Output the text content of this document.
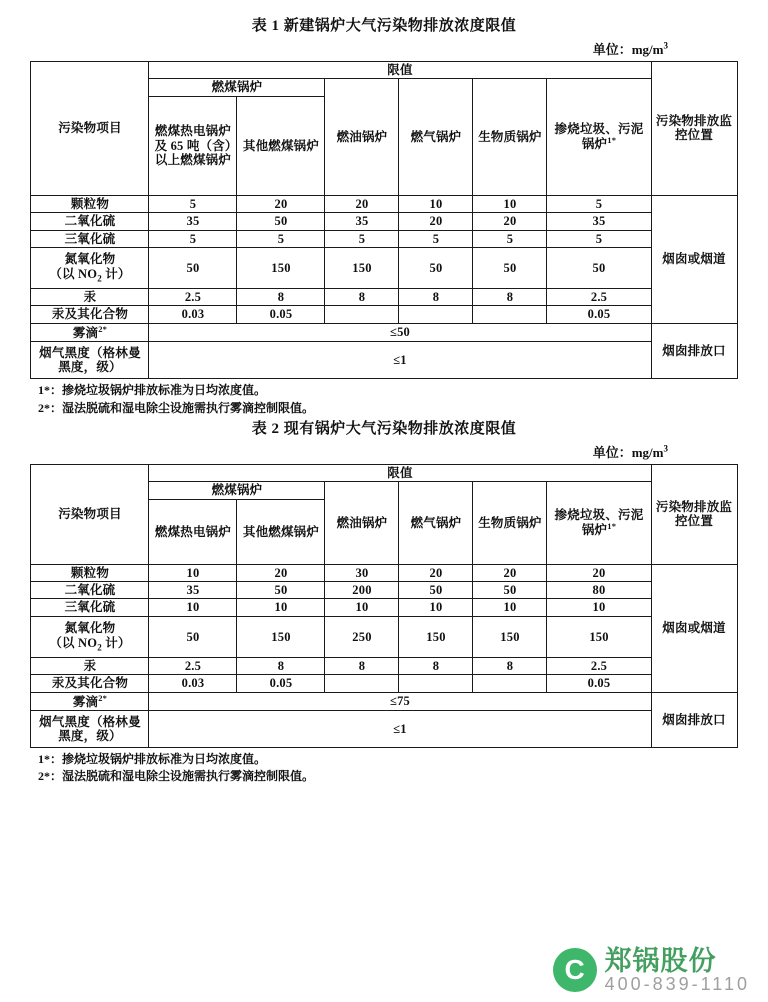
表 1 新建锅炉大气污染物排放浓度限值
单位：$mg/m^3$
污染物项目	限值						污染物排放监控位置
	燃煤锅炉		燃油锅炉	燃气锅炉	生物质锅炉	掺烧垃圾、污泥锅炉$^{1*}$
	燃煤热电锅炉及 65 吨（含）以上燃煤锅炉	其他燃煤锅炉					
颗粒物	5	20	20	10	10	5	烟囱或烟道
二氧化硫	35	50	35	20	20	35	
三氧化硫	5	5	5	5	5	5	
氮氧化物
（以 $NO_2$ 计）	50	150	150	50	50	50	
汞	2.5	8	8	8	8	2.5	
汞及其化合物	0.03	0.05				0.05	
雾滴$^{2*}$	≤50						烟囱排放口
烟气黑度（格林曼黑度，级）	≤1						
1*：掺烧垃圾锅炉排放标准为日均浓度值。
2*：湿法脱硫和湿电除尘设施需执行雾滴控制限值。
表 2 现有锅炉大气污染物排放浓度限值
单位：$mg/m^3$
污染物项目	限值						污染物排放监控位置
	燃煤锅炉		燃油锅炉	燃气锅炉	生物质锅炉	掺烧垃圾、污泥锅炉$^{1*}$
	燃煤热电锅炉	其他燃煤锅炉					
颗粒物	10	20	30	20	20	20	烟囱或烟道
二氧化硫	35	50	200	50	50	80	
三氧化硫	10	10	10	10	10	10	
氮氧化物
（以 $NO_2$ 计）	50	150	250	150	150	150	
汞	2.5	8	8	8	8	2.5	
汞及其化合物	0.03	0.05				0.05	
雾滴$^{2*}$	≤75						烟囱排放口
烟气黑度（格林曼黑度，级）	≤1						
1*：掺烧垃圾锅炉排放标准为日均浓度值。
2*：湿法脱硫和湿电除尘设施需执行雾滴控制限值。
C 郑锅股份
400-839-1110
